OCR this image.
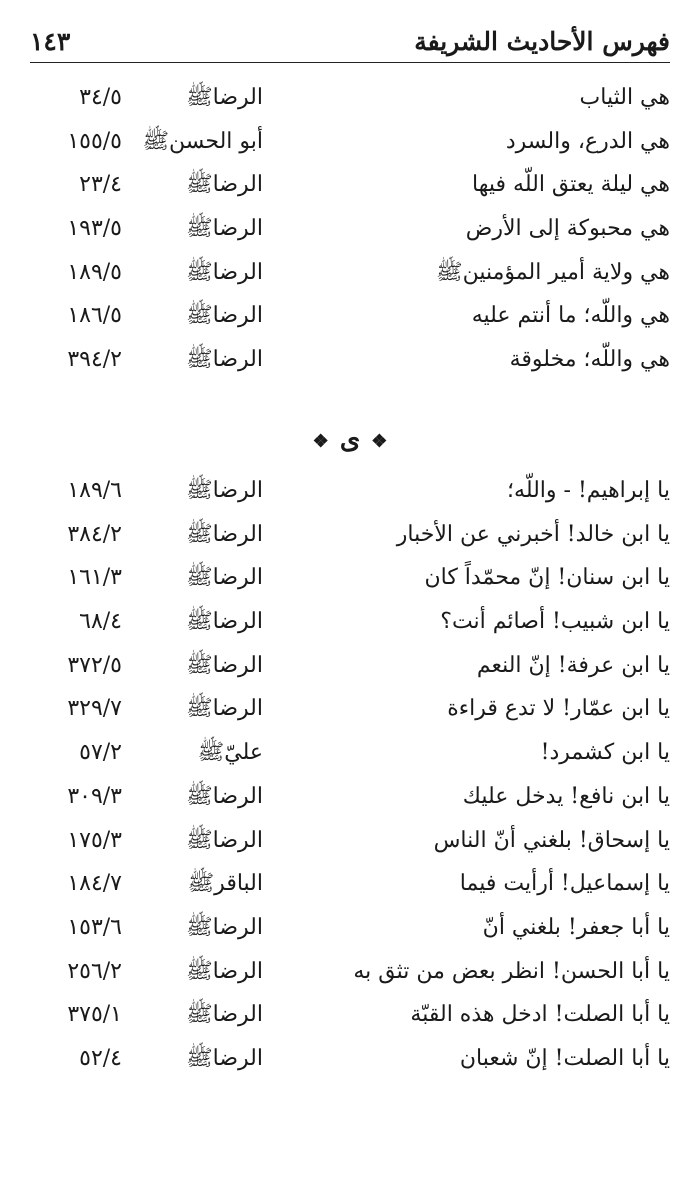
فهرس الأحاديث الشريفة
١٤٣
هي الثياب
الرضاﷺ
٣٤/٥
هي الدرع، والسرد
أبو الحسنﷺ
١٥٥/٥
هي ليلة يعتق اللّه فيها
الرضاﷺ
٢٣/٤
هي محبوكة إلى الأرض
الرضاﷺ
١٩٣/٥
هي ولاية أمير المؤمنينﷺ
الرضاﷺ
١٨٩/٥
هي واللّه؛ ما أنتم عليه
الرضاﷺ
١٨٦/٥
هي واللّه؛ مخلوقة
الرضاﷺ
٣٩٤/٢
❖ ى ❖
يا إبراهيم! - واللّه؛
الرضاﷺ
١٨٩/٦
يا ابن خالد! أخبرني عن الأخبار
الرضاﷺ
٣٨٤/٢
يا ابن سنان! إنّ محمّداً كان
الرضاﷺ
١٦١/٣
يا ابن شبيب! أصائم أنت؟
الرضاﷺ
٦٨/٤
يا ابن عرفة! إنّ النعم
الرضاﷺ
٣٧٢/٥
يا ابن عمّار! لا تدع قراءة
الرضاﷺ
٣٢٩/٧
يا ابن كشمرد!
عليّﷺ
٥٧/٢
يا ابن نافع! يدخل عليك
الرضاﷺ
٣٠٩/٣
يا إسحاق! بلغني أنّ الناس
الرضاﷺ
١٧٥/٣
يا إسماعيل! أرأيت فيما
الباقرﷺ
١٨٤/٧
يا أبا جعفر! بلغني أنّ
الرضاﷺ
١٥٣/٦
يا أبا الحسن! انظر بعض من تثق به
الرضاﷺ
٢٥٦/٢
يا أبا الصلت! ادخل هذه القبّة
الرضاﷺ
٣٧٥/١
يا أبا الصلت! إنّ شعبان
الرضاﷺ
٥٢/٤
